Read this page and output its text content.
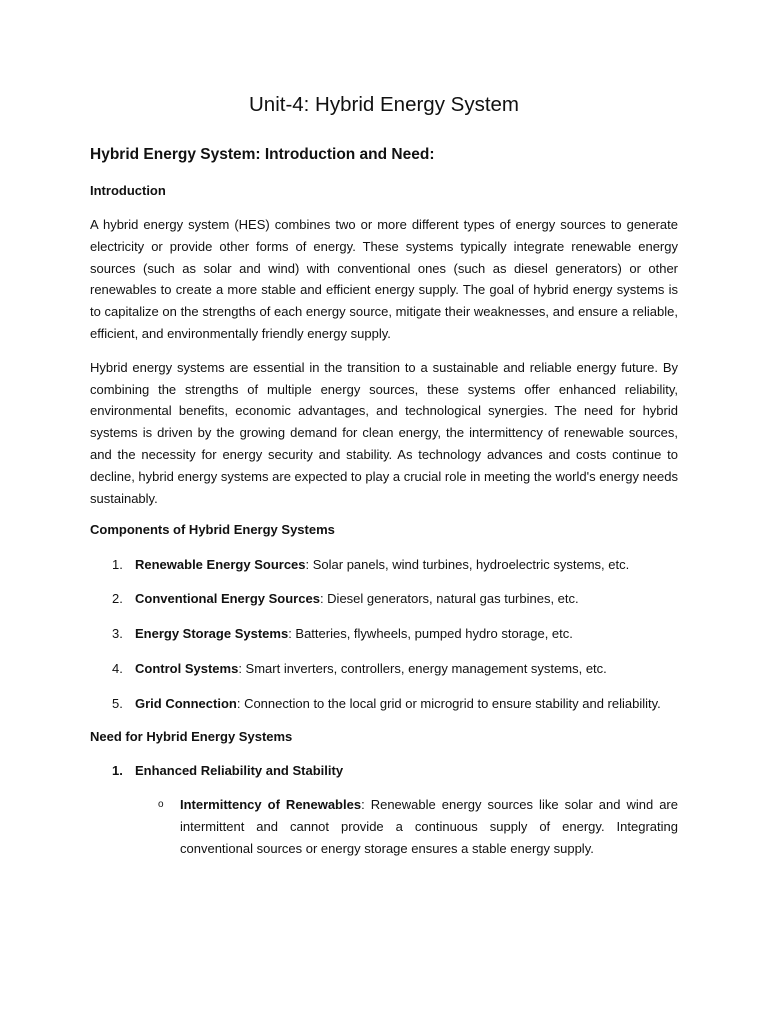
Unit-4: Hybrid Energy System
Hybrid Energy System: Introduction and Need:
Introduction

A hybrid energy system (HES) combines two or more different types of energy sources to generate electricity or provide other forms of energy. These systems typically integrate renewable energy sources (such as solar and wind) with conventional ones (such as diesel generators) or other renewables to create a more stable and efficient energy supply. The goal of hybrid energy systems is to capitalize on the strengths of each energy source, mitigate their weaknesses, and ensure a reliable, efficient, and environmentally friendly energy supply.

Hybrid energy systems are essential in the transition to a sustainable and reliable energy future. By combining the strengths of multiple energy sources, these systems offer enhanced reliability, environmental benefits, economic advantages, and technological synergies. The need for hybrid systems is driven by the growing demand for clean energy, the intermittency of renewable sources, and the necessity for energy security and stability. As technology advances and costs continue to decline, hybrid energy systems are expected to play a crucial role in meeting the world's energy needs sustainably.

Components of Hybrid Energy Systems
1. Renewable Energy Sources: Solar panels, wind turbines, hydroelectric systems, etc.
2. Conventional Energy Sources: Diesel generators, natural gas turbines, etc.
3. Energy Storage Systems: Batteries, flywheels, pumped hydro storage, etc.
4. Control Systems: Smart inverters, controllers, energy management systems, etc.
5. Grid Connection: Connection to the local grid or microgrid to ensure stability and reliability.
Need for Hybrid Energy Systems
1. Enhanced Reliability and Stability
o Intermittency of Renewables: Renewable energy sources like solar and wind are intermittent and cannot provide a continuous supply of energy. Integrating conventional sources or energy storage ensures a stable energy supply.
